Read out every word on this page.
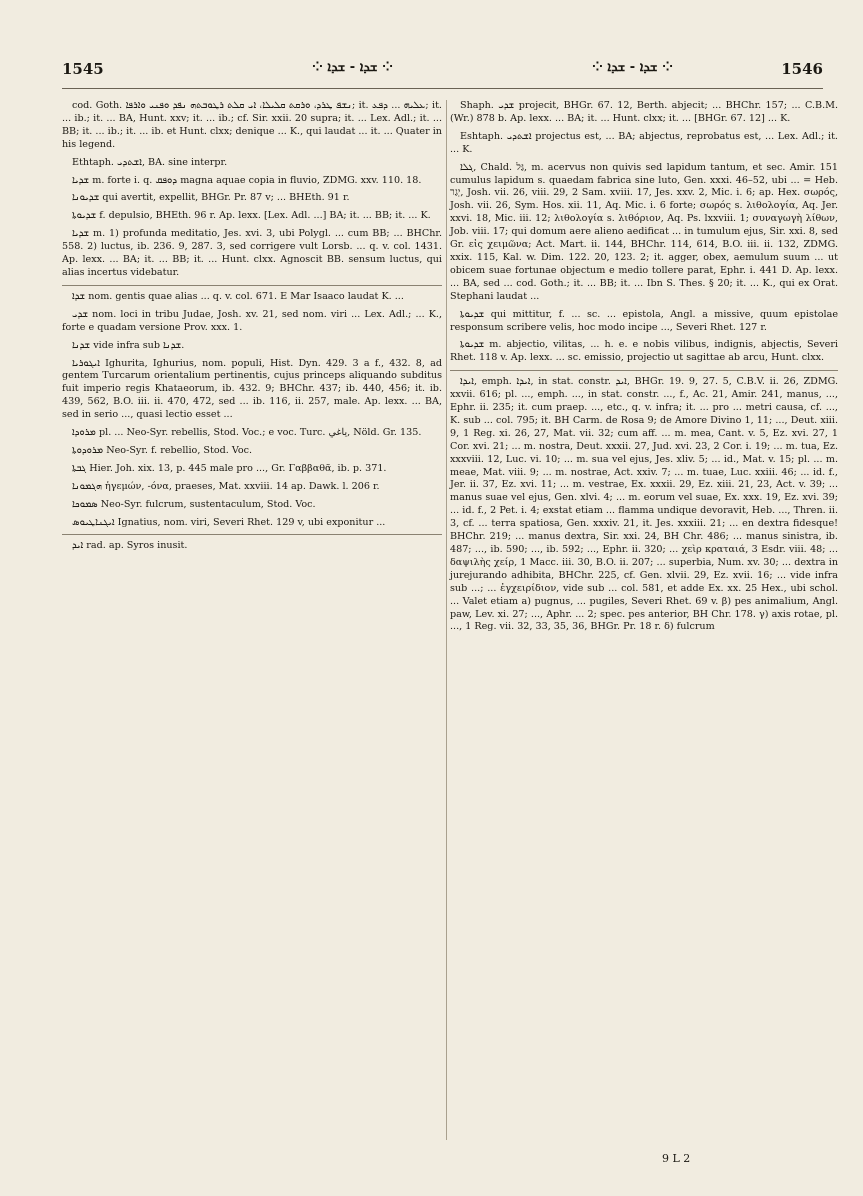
1545	⁘ ܫܕܐ - ܫܕܐ ⁘	⁘ ܫܕܐ - ܫܕܐ ⁘	1546

cod. Goth. ܢܫܦ ܛܪܕ، ܘܪܩܬ ܩܠܝܠܐ، ܐܝ ܩܠܬ ܪܛܘܒܬܗ ܢܦܕ ܘܦܢܝ ܘܐܪܦܐ; it. ܥܠܝܗ ... ܕܦܥ; it. ... ib.; it. ... BA, Hunt. xxv; it. ... ib.; cf. Sir. xxii. 20 supra; it. ... Lex. Adl.; it. ... BB; it. ... ib.; it. ... ib. et Hunt. clxx; denique ... K., qui laudat ... it. ... Quater in his legend.

Ethtaph. ܐܫܬܕܝ, BA. sine interpr.

ܫܕܝܐ m. forte i. q. ܕܘܦܩ magna aquae copia in fluvio, ZDMG. xxv. 110. 18.

ܫܕܝܘܢܐ qui avertit, expellit, BHGr. Pr. 87 v; ... BHEth. 91 r.

ܫܕܝܘܬܐ f. depulsio, BHEth. 96 r. Ap. lexx. [Lex. Adl. ...] BA; it. ... BB; it. ... K.

ܫܕܝܐ m. 1) profunda meditatio, Jes. xvi. 3, ubi Polygl. ... cum BB; ... BHChr. 558. 2) luctus, ib. 236. 9, 287. 3, sed corrigere vult Lorsb. ... q. v. col. 1431. Ap. lexx. ... BA; it. ... BB; it. ... Hunt. clxx. Agnoscit BB. sensum luctus, qui alias incertus videbatur.

ܫܕܐ nom. gentis quae alias ... q. v. col. 671. E Mar Isaaco laudat K. ...

ܫܕܝ nom. loci in tribu Judae, Josh. xv. 21, sed nom. viri ... Lex. Adl.; ... K., forte e quadam versione Prov. xxx. 1.

ܫܕܢܐ vide infra sub ܫܕܢܐ.

ܐܝܓܘܪܝܐ Ighurita, Ighurius, nom. populi, Hist. Dyn. 429. 3 a f., 432. 8, ad gentem Turcarum orientalium pertinentis, cujus princeps aliquando subditus fuit imperio regis Khataeorum, ib. 432. 9; BHChr. 437; ib. 440, 456; it. ib. 439, 562, B.O. iii. ii. 470, 472, sed ... ib. 116, ii. 257, male. Ap. lexx. ... BA, sed in serio ..., quasi lectio esset ...

ܡܪܘܕܐ pl. ... Neo-Syr. rebellis, Stod. Voc.; e voc. Turc. ياغي, Nöld. Gr. 135.

ܡܪܘܕܘܬܐ Neo-Syr. f. rebellio, Stod. Voc.

ܓܒܬܐ Hier. Joh. xix. 13, p. 445 male pro ..., Gr. Γαββαθᾶ, ib. p. 371.

ܗܓܡܘܢܐ ἡγεμών, -όνα, praeses, Mat. xxviii. 14 ap. Dawk. l. 206 r.

ܣܡܘܟܐ Neo-Syr. fulcrum, sustentaculum, Stod. Voc.

ܐܝܓܢܐܛܝܘܣ Ignatius, nom. viri, Severi Rhet. 129 v, ubi exponitur ...

ܐܝܕ rad. ap. Syros inusit.

Shaph. ܫܕܝ projecit, BHGr. 67. 12, Berth. abjecit; ... BHChr. 157; ... C.B.M. (Wr.) 878 b. Ap. lexx. ... BA; it. ... Hunt. clxx; it. ... [BHGr. 67. 12] ... K.

Eshtaph. ܐܫܬܕܝ projectus est, ... BA; abjectus, reprobatus est, ... Lex. Adl.; it. ... K.

ܓܠܐ, Chald. גַּל, m. acervus non quivis sed lapidum tantum, et sec. Amir. 151 cumulus lapidum s. quaedam fabrica sine luto, Gen. xxxi. 46–52, ubi ... = Heb. יְגַר, Josh. vii. 26, viii. 29, 2 Sam. xviii. 17, Jes. xxv. 2, Mic. i. 6; ap. Hex. σωρός, Josh. vii. 26, Sym. Hos. xii. 11, Aq. Mic. i. 6 forte; σωρός s. λιθολογία, Aq. Jer. xxvi. 18, Mic. iii. 12; λιθολογία s. λιθόριον, Aq. Ps. lxxviii. 1; συναγωγὴ λίθων, Job. viii. 17; qui domum aere alieno aedificat ... in tumulum ejus, Sir. xxi. 8, sed Gr. εἰς χειμῶνα; Act. Mart. ii. 144, BHChr. 114, 614, B.O. iii. ii. 132, ZDMG. xxix. 115, Kal. w. Dim. 122. 20, 123. 2; it. agger, obex, aemulum suum ... ut obicem suae fortunae objectum e medio tollere parat, Ephr. i. 441 D. Ap. lexx. ... BA, sed ... cod. Goth.; it. ... BB; it. ... Ibn S. Thes. § 20; it. ... K., qui ex Orat. Stephani laudat ...

ܫܕܝܘܬܐ qui mittitur, f. ... sc. ... epistola, Angl. a missive, quum epistolae responsum scribere velis, hoc modo incipe ..., Severi Rhet. 127 r.

ܫܕܝܘܬܐ m. abjectio, vilitas, ... h. e. e nobis vilibus, indignis, abjectis, Severi Rhet. 118 v. Ap. lexx. ... sc. emissio, projectio ut sagittae ab arcu, Hunt. clxx.

ܐܝܕܐ, emph. ܐܝܕܐ, in stat. constr. ܐܝܕ, BHGr. 19. 9, 27. 5, C.B.V. ii. 26, ZDMG. xxvii. 616; pl. ..., emph. ..., in stat. constr. ..., f., Ac. 21, Amir. 241, manus, ..., Ephr. ii. 235; it. cum praep. ..., etc., q. v. infra; it. ... pro ... metri causa, cf. ..., K. sub ... col. 795; it. BH Carm. de Rosa 9; de Amore Divino 1, 11; ..., Deut. xiii. 9, 1 Reg. xi. 26, 27, Mat. vii. 32; cum aff. ... m. mea, Cant. v. 5, Ez. xvi. 27, 1 Cor. xvi. 21; ... m. nostra, Deut. xxxii. 27, Jud. xvi. 23, 2 Cor. i. 19; ... m. tua, Ez. xxxviii. 12, Luc. vi. 10; ... m. sua vel ejus, Jes. xliv. 5; ... id., Mat. v. 15; pl. ... m. meae, Mat. viii. 9; ... m. nostrae, Act. xxiv. 7; ... m. tuae, Luc. xxiii. 46; ... id. f., Jer. ii. 37, Ez. xvi. 11; ... m. vestrae, Ex. xxxii. 29, Ez. xiii. 21, 23, Act. v. 39; ... manus suae vel ejus, Gen. xlvi. 4; ... m. eorum vel suae, Ex. xxx. 19, Ez. xvi. 39; ... id. f., 2 Pet. i. 4; exstat etiam ... flamma undique devoravit, Heb. ..., Thren. ii. 3, cf. ... terra spatiosa, Gen. xxxiv. 21, it. Jes. xxxiii. 21; ... en dextra fidesque! BHChr. 219; ... manus dextra, Sir. xxi. 24, BH Chr. 486; ... manus sinistra, ib. 487; ..., ib. 590; ..., ib. 592; ..., Ephr. ii. 320; ... χεὶρ κραταιά, 3 Esdr. viii. 48; ... δαψιλὴς χείρ, 1 Macc. iii. 30, B.O. ii. 207; ... superbia, Num. xv. 30; ... dextra in jurejurando adhibita, BHChr. 225, cf. Gen. xlvii. 29, Ez. xvii. 16; ... vide infra sub ...; ... ἐγχειρίδιον, vide sub ... col. 581, et adde Ex. xx. 25 Hex., ubi schol. ... Valet etiam a) pugnus, ... pugiles, Severi Rhet. 69 v. β) pes animalium, Angl. paw, Lev. xi. 27; ..., Aphr. ... 2; spec. pes anterior, BH Chr. 178. γ) axis rotae, pl. ..., 1 Reg. vii. 32, 33, 35, 36, BHGr. Pr. 18 r. δ) fulcrum

9 L 2
